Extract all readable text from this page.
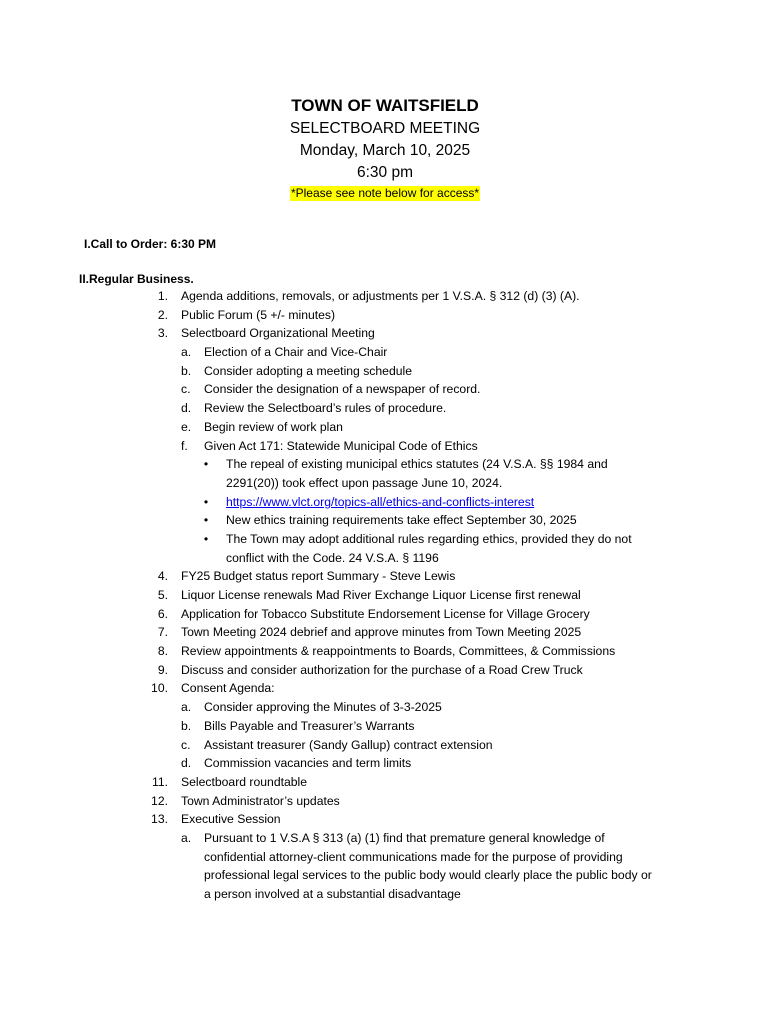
TOWN OF WAITSFIELD

SELECTBOARD MEETING

Monday, March 10, 2025

6:30 pm

*Please see note below for access*

I.Call to Order: 6:30 PM

II.Regular Business.

1. Agenda additions, removals, or adjustments per 1 V.S.A. § 312 (d) (3) (A).
2. Public Forum (5 +/- minutes)
3. Selectboard Organizational Meeting
a. Election of a Chair and Vice-Chair
b. Consider adopting a meeting schedule
c. Consider the designation of a newspaper of record.
d. Review the Selectboard’s rules of procedure.
e. Begin review of work plan
f. Given Act 171: Statewide Municipal Code of Ethics
• The repeal of existing municipal ethics statutes (24 V.S.A. §§ 1984 and
2291(20)) took effect upon passage June 10, 2024.
• https://www.vlct.org/topics-all/ethics-and-conflicts-interest
• New ethics training requirements take effect September 30, 2025
• The Town may adopt additional rules regarding ethics, provided they do not
conflict with the Code. 24 V.S.A. § 1196
4. FY25 Budget status report Summary - Steve Lewis
5. Liquor License renewals Mad River Exchange Liquor License first renewal
6. Application for Tobacco Substitute Endorsement License for Village Grocery
7. Town Meeting 2024 debrief and approve minutes from Town Meeting 2025
8. Review appointments & reappointments to Boards, Committees, & Commissions
9. Discuss and consider authorization for the purchase of a Road Crew Truck
10. Consent Agenda:
a. Consider approving the Minutes of 3-3-2025
b. Bills Payable and Treasurer’s Warrants
c. Assistant treasurer (Sandy Gallup) contract extension
d. Commission vacancies and term limits
11. Selectboard roundtable
12. Town Administrator’s updates
13. Executive Session
a. Pursuant to 1 V.S.A § 313 (a) (1) find that premature general knowledge of
confidential attorney-client communications made for the purpose of providing
professional legal services to the public body would clearly place the public body or
a person involved at a substantial disadvantage
